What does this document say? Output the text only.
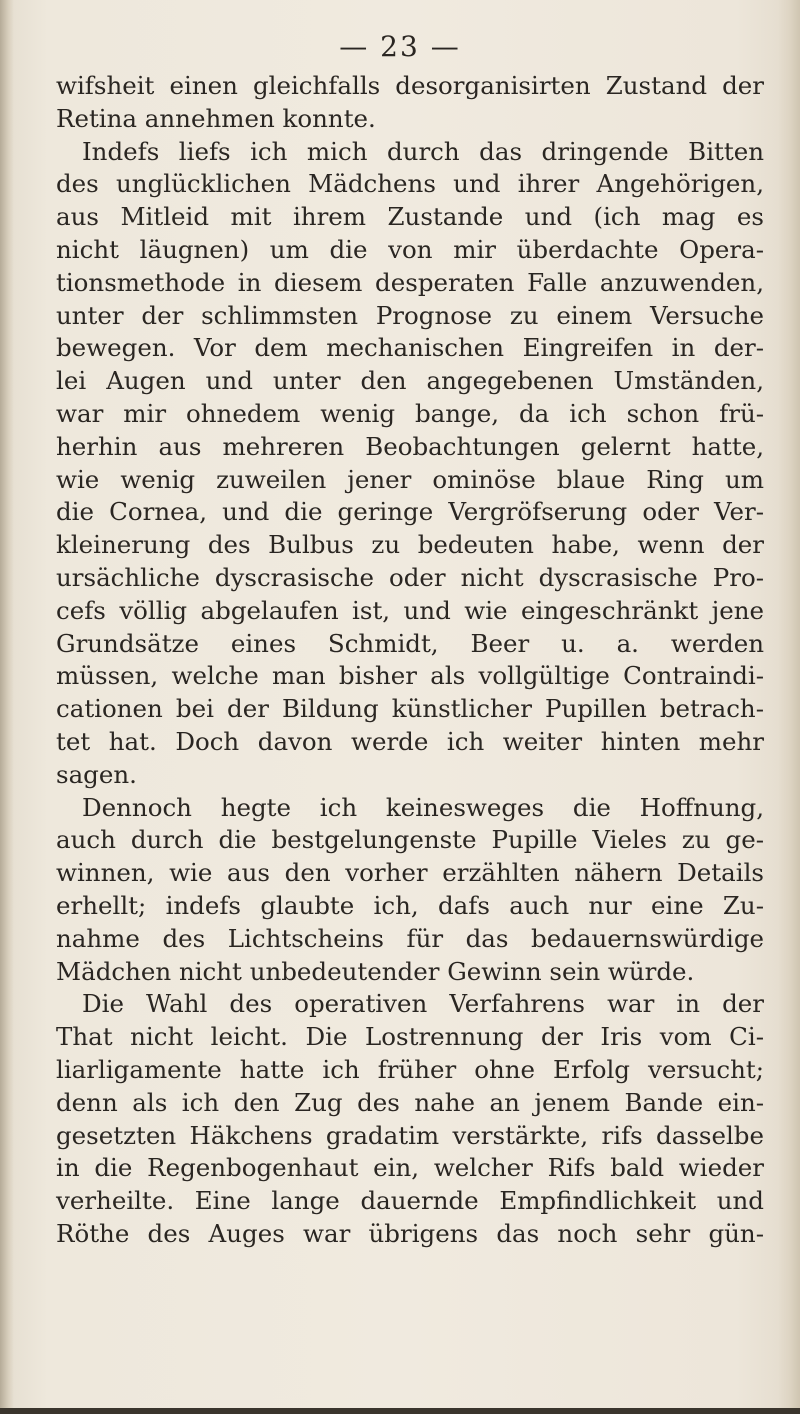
— 23 —
wifsheit einen gleichfalls desorganisirten Zustand der
Retina annehmen konnte.
Indefs liefs ich mich durch das dringende Bitten
des unglücklichen Mädchens und ihrer Angehörigen,
aus Mitleid mit ihrem Zustande und (ich mag es
nicht läugnen) um die von mir überdachte Opera-
tionsmethode in diesem desperaten Falle anzuwenden,
unter der schlimmsten Prognose zu einem Versuche
bewegen. Vor dem mechanischen Eingreifen in der-
lei Augen und unter den angegebenen Umständen,
war mir ohnedem wenig bange, da ich schon frü-
herhin aus mehreren Beobachtungen gelernt hatte,
wie wenig zuweilen jener ominöse blaue Ring um
die Cornea, und die geringe Vergröfserung oder Ver-
kleinerung des Bulbus zu bedeuten habe, wenn der
ursächliche dyscrasische oder nicht dyscrasische Pro-
cefs völlig abgelaufen ist, und wie eingeschränkt jene
Grundsätze eines Schmidt, Beer u. a. werden
müssen, welche man bisher als vollgültige Contraindi-
cationen bei der Bildung künstlicher Pupillen betrach-
tet hat. Doch davon werde ich weiter hinten mehr
sagen.
Dennoch hegte ich keinesweges die Hoffnung,
auch durch die bestgelungenste Pupille Vieles zu ge-
winnen, wie aus den vorher erzählten nähern Details
erhellt; indefs glaubte ich, dafs auch nur eine Zu-
nahme des Lichtscheins für das bedauernswürdige
Mädchen nicht unbedeutender Gewinn sein würde.
Die Wahl des operativen Verfahrens war in der
That nicht leicht. Die Lostrennung der Iris vom Ci-
liarligamente hatte ich früher ohne Erfolg versucht;
denn als ich den Zug des nahe an jenem Bande ein-
gesetzten Häkchens gradatim verstärkte, rifs dasselbe
in die Regenbogenhaut ein, welcher Rifs bald wieder
verheilte. Eine lange dauernde Empfindlichkeit und
Röthe des Auges war übrigens das noch sehr gün-
